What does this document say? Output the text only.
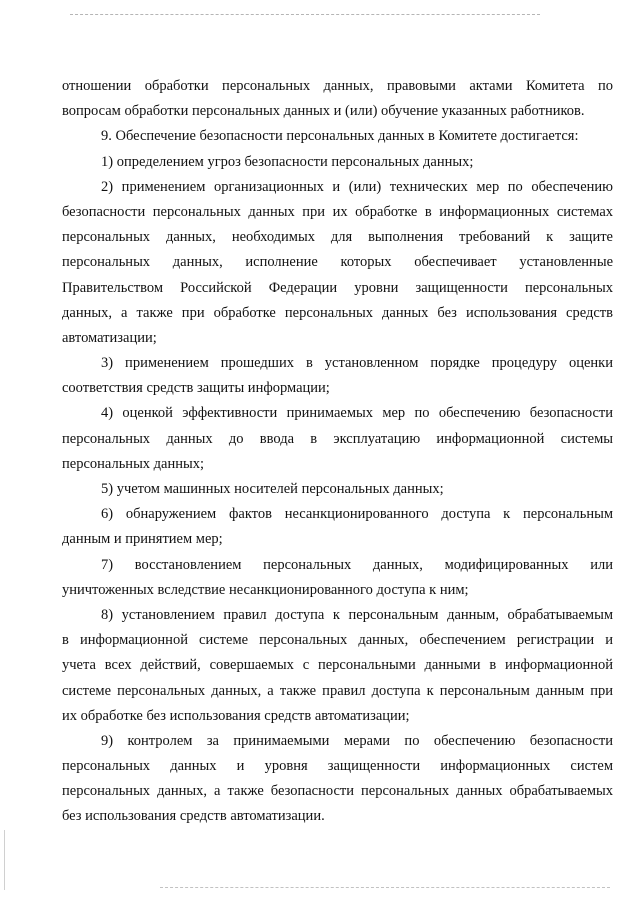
отношении обработки персональных данных, правовыми актами Комитета по
вопросам обработки персональных данных и (или) обучение указанных работников.
9. Обеспечение безопасности персональных данных в Комитете достигается:
1) определением угроз безопасности персональных данных;
2) применением организационных и (или) технических мер по обеспечению
безопасности персональных данных при их обработке в информационных системах
персональных данных, необходимых для выполнения требований к защите
персональных данных, исполнение которых обеспечивает установленные
Правительством Российской Федерации уровни защищенности персональных
данных, а также при обработке персональных данных без использования средств
автоматизации;
3) применением прошедших в установленном порядке процедуру оценки
соответствия средств защиты информации;
4) оценкой эффективности принимаемых мер по обеспечению безопасности
персональных данных до ввода в эксплуатацию информационной системы
персональных данных;
5) учетом машинных носителей персональных данных;
6) обнаружением фактов несанкционированного доступа к персональным
данным и принятием мер;
7) восстановлением персональных данных, модифицированных или
уничтоженных вследствие несанкционированного доступа к ним;
8) установлением правил доступа к персональным данным, обрабатываемым
в информационной системе персональных данных, обеспечением регистрации и
учета всех действий, совершаемых с персональными данными в информационной
системе персональных данных, а также правил доступа к персональным данным при
их обработке без использования средств автоматизации;
9) контролем за принимаемыми мерами по обеспечению безопасности
персональных данных и уровня защищенности информационных систем
персональных данных, а также безопасности персональных данных обрабатываемых
без использования средств автоматизации.
